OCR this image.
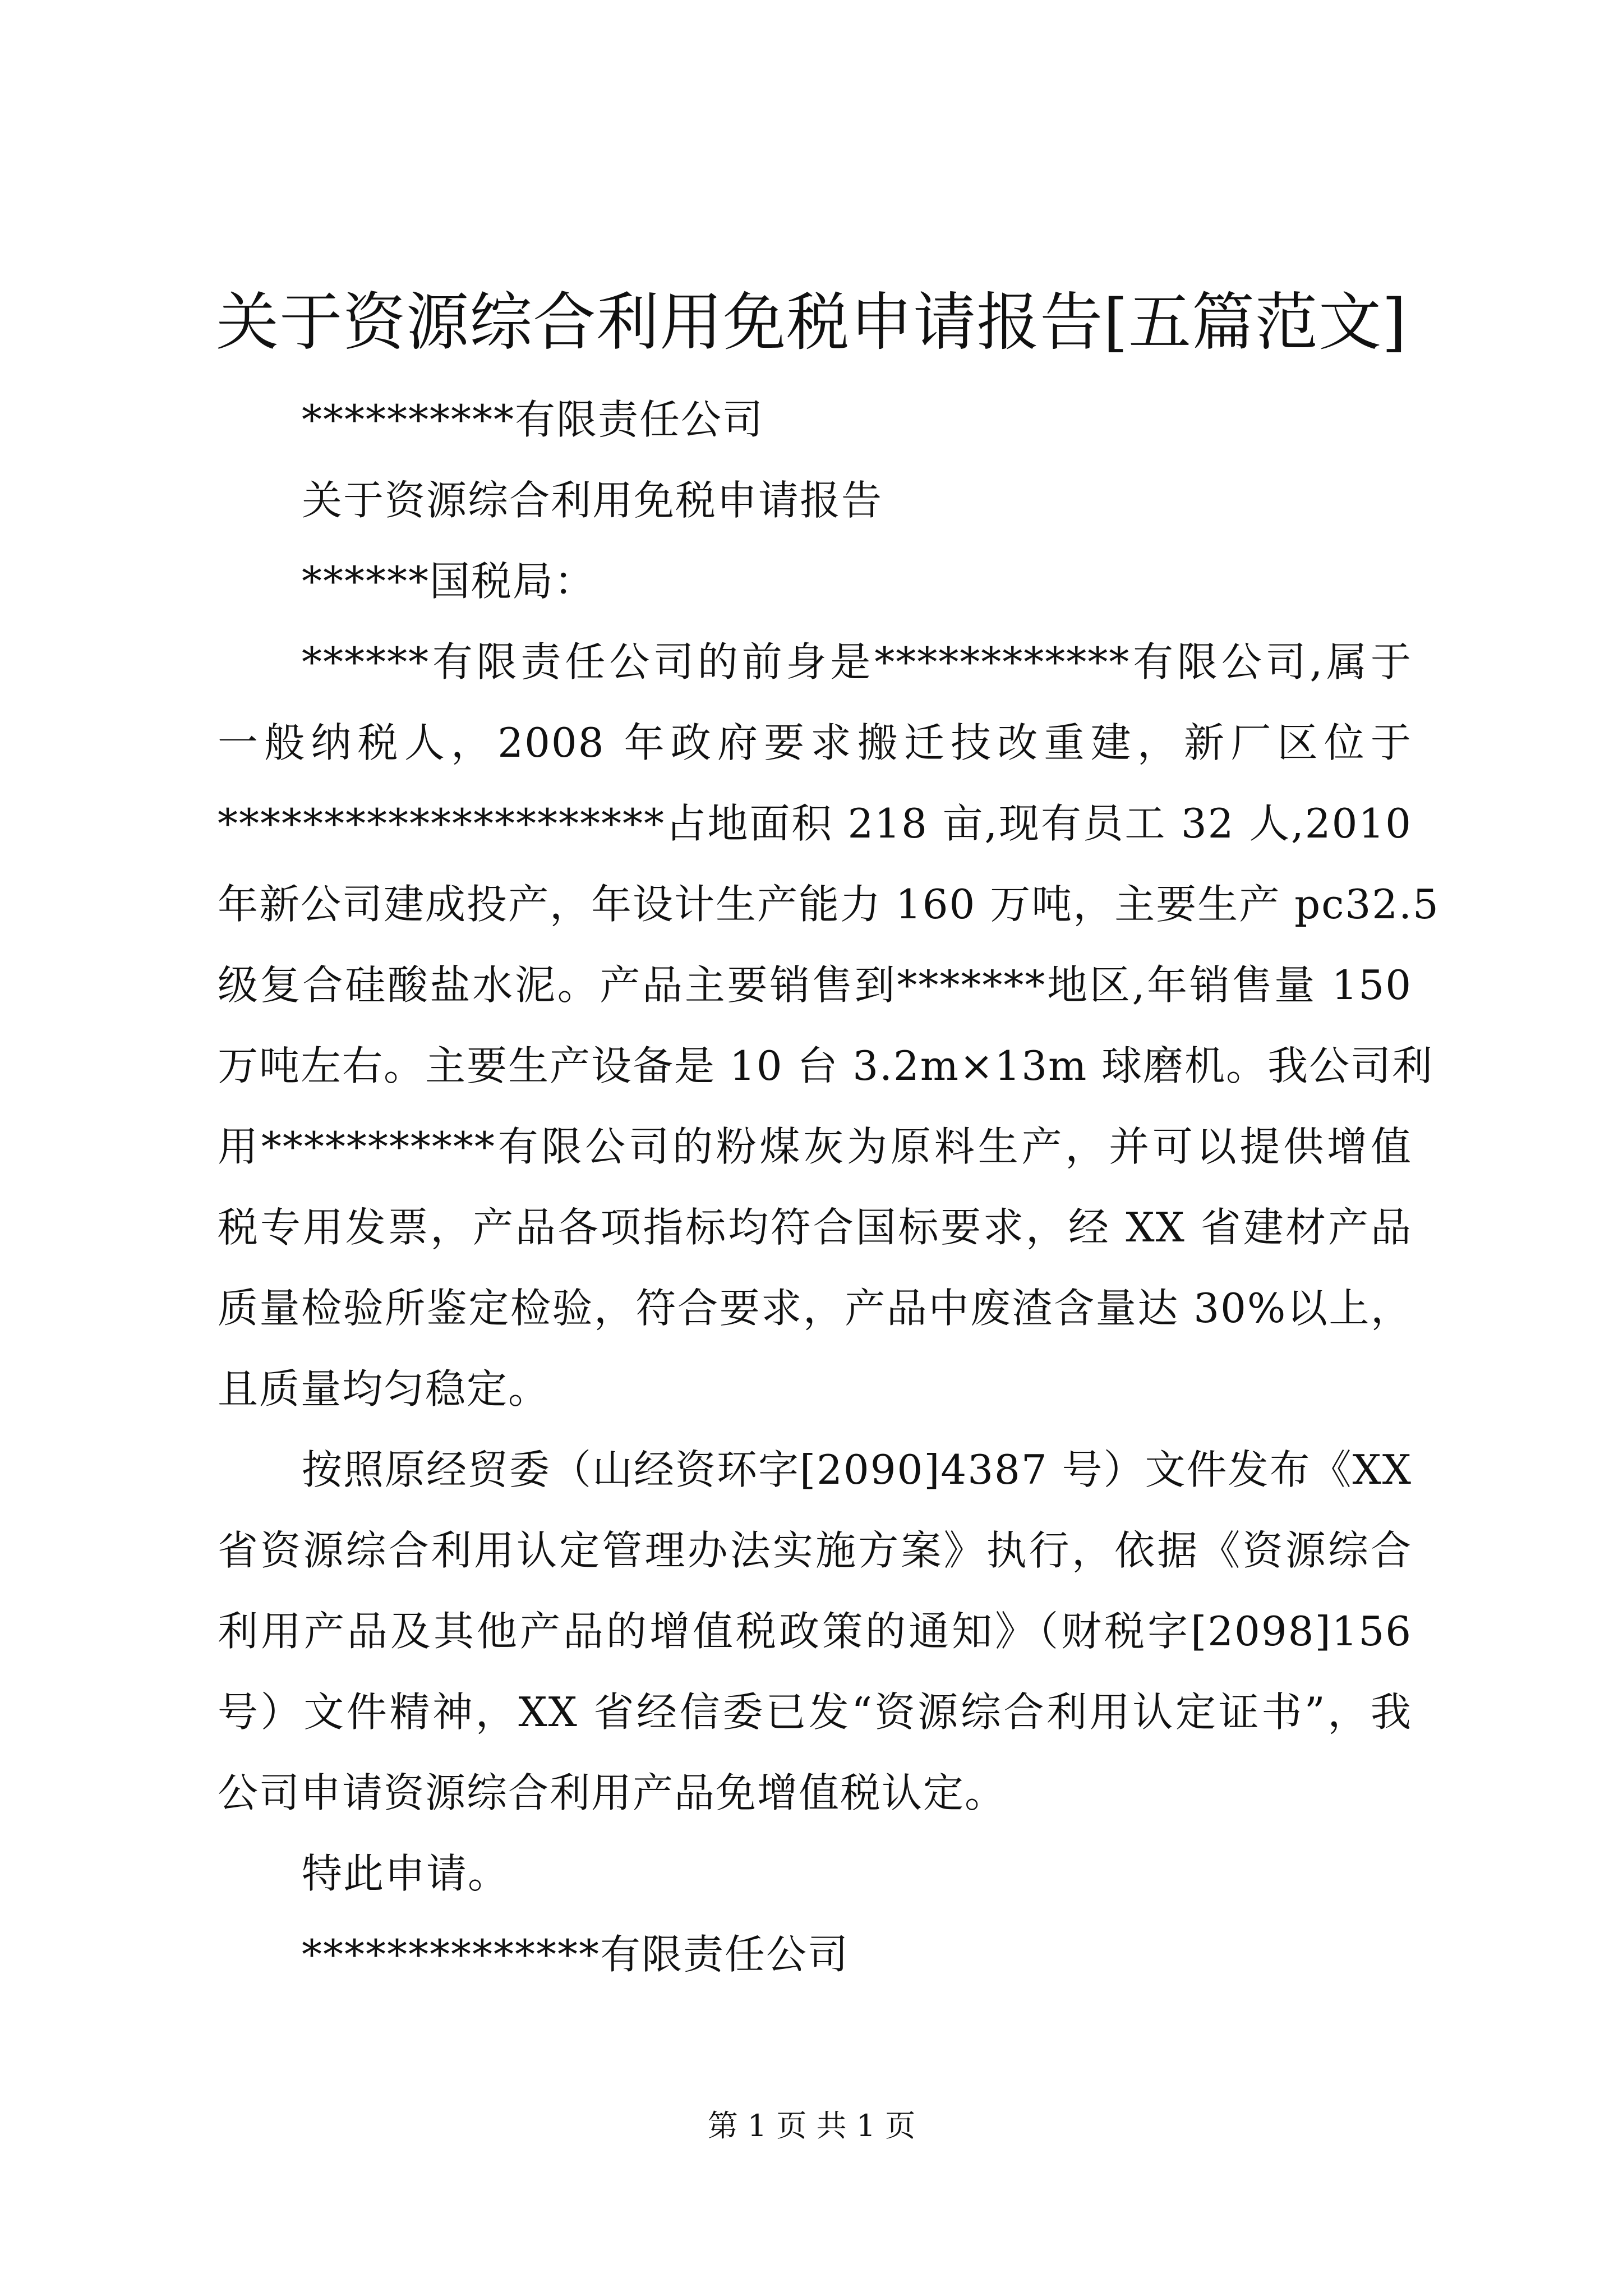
关于资源综合利用免税申请报告[五篇范文]
**********有限责任公司
关于资源综合利用免税申请报告
******国税局：
******有限责任公司的前身是************有限公司,属于
一般纳税人，2008 年政府要求搬迁技改重建，新厂区位于
*********************占地面积 218 亩,现有员工 32 人,2010
年新公司建成投产，年设计生产能力 160 万吨，主要生产 pc32.5
级复合硅酸盐水泥。产品主要销售到*******地区,年销售量 150
万吨左右。主要生产设备是 10 台 3.2m×13m 球磨机。我公司利
用***********有限公司的粉煤灰为原料生产，并可以提供增值
税专用发票，产品各项指标均符合国标要求，经 XX 省建材产品
质量检验所鉴定检验，符合要求，产品中废渣含量达 30%以上，
且质量均匀稳定。
按照原经贸委（山经资环字[2090]4387 号）文件发布《XX
省资源综合利用认定管理办法实施方案》执行，依据《资源综合
利用产品及其他产品的增值税政策的通知》（财税字[2098]156
号）文件精神，XX 省经信委已发“资源综合利用认定证书”，我
公司申请资源综合利用产品免增值税认定。
特此申请。
**************有限责任公司
第 1 页 共 1 页
